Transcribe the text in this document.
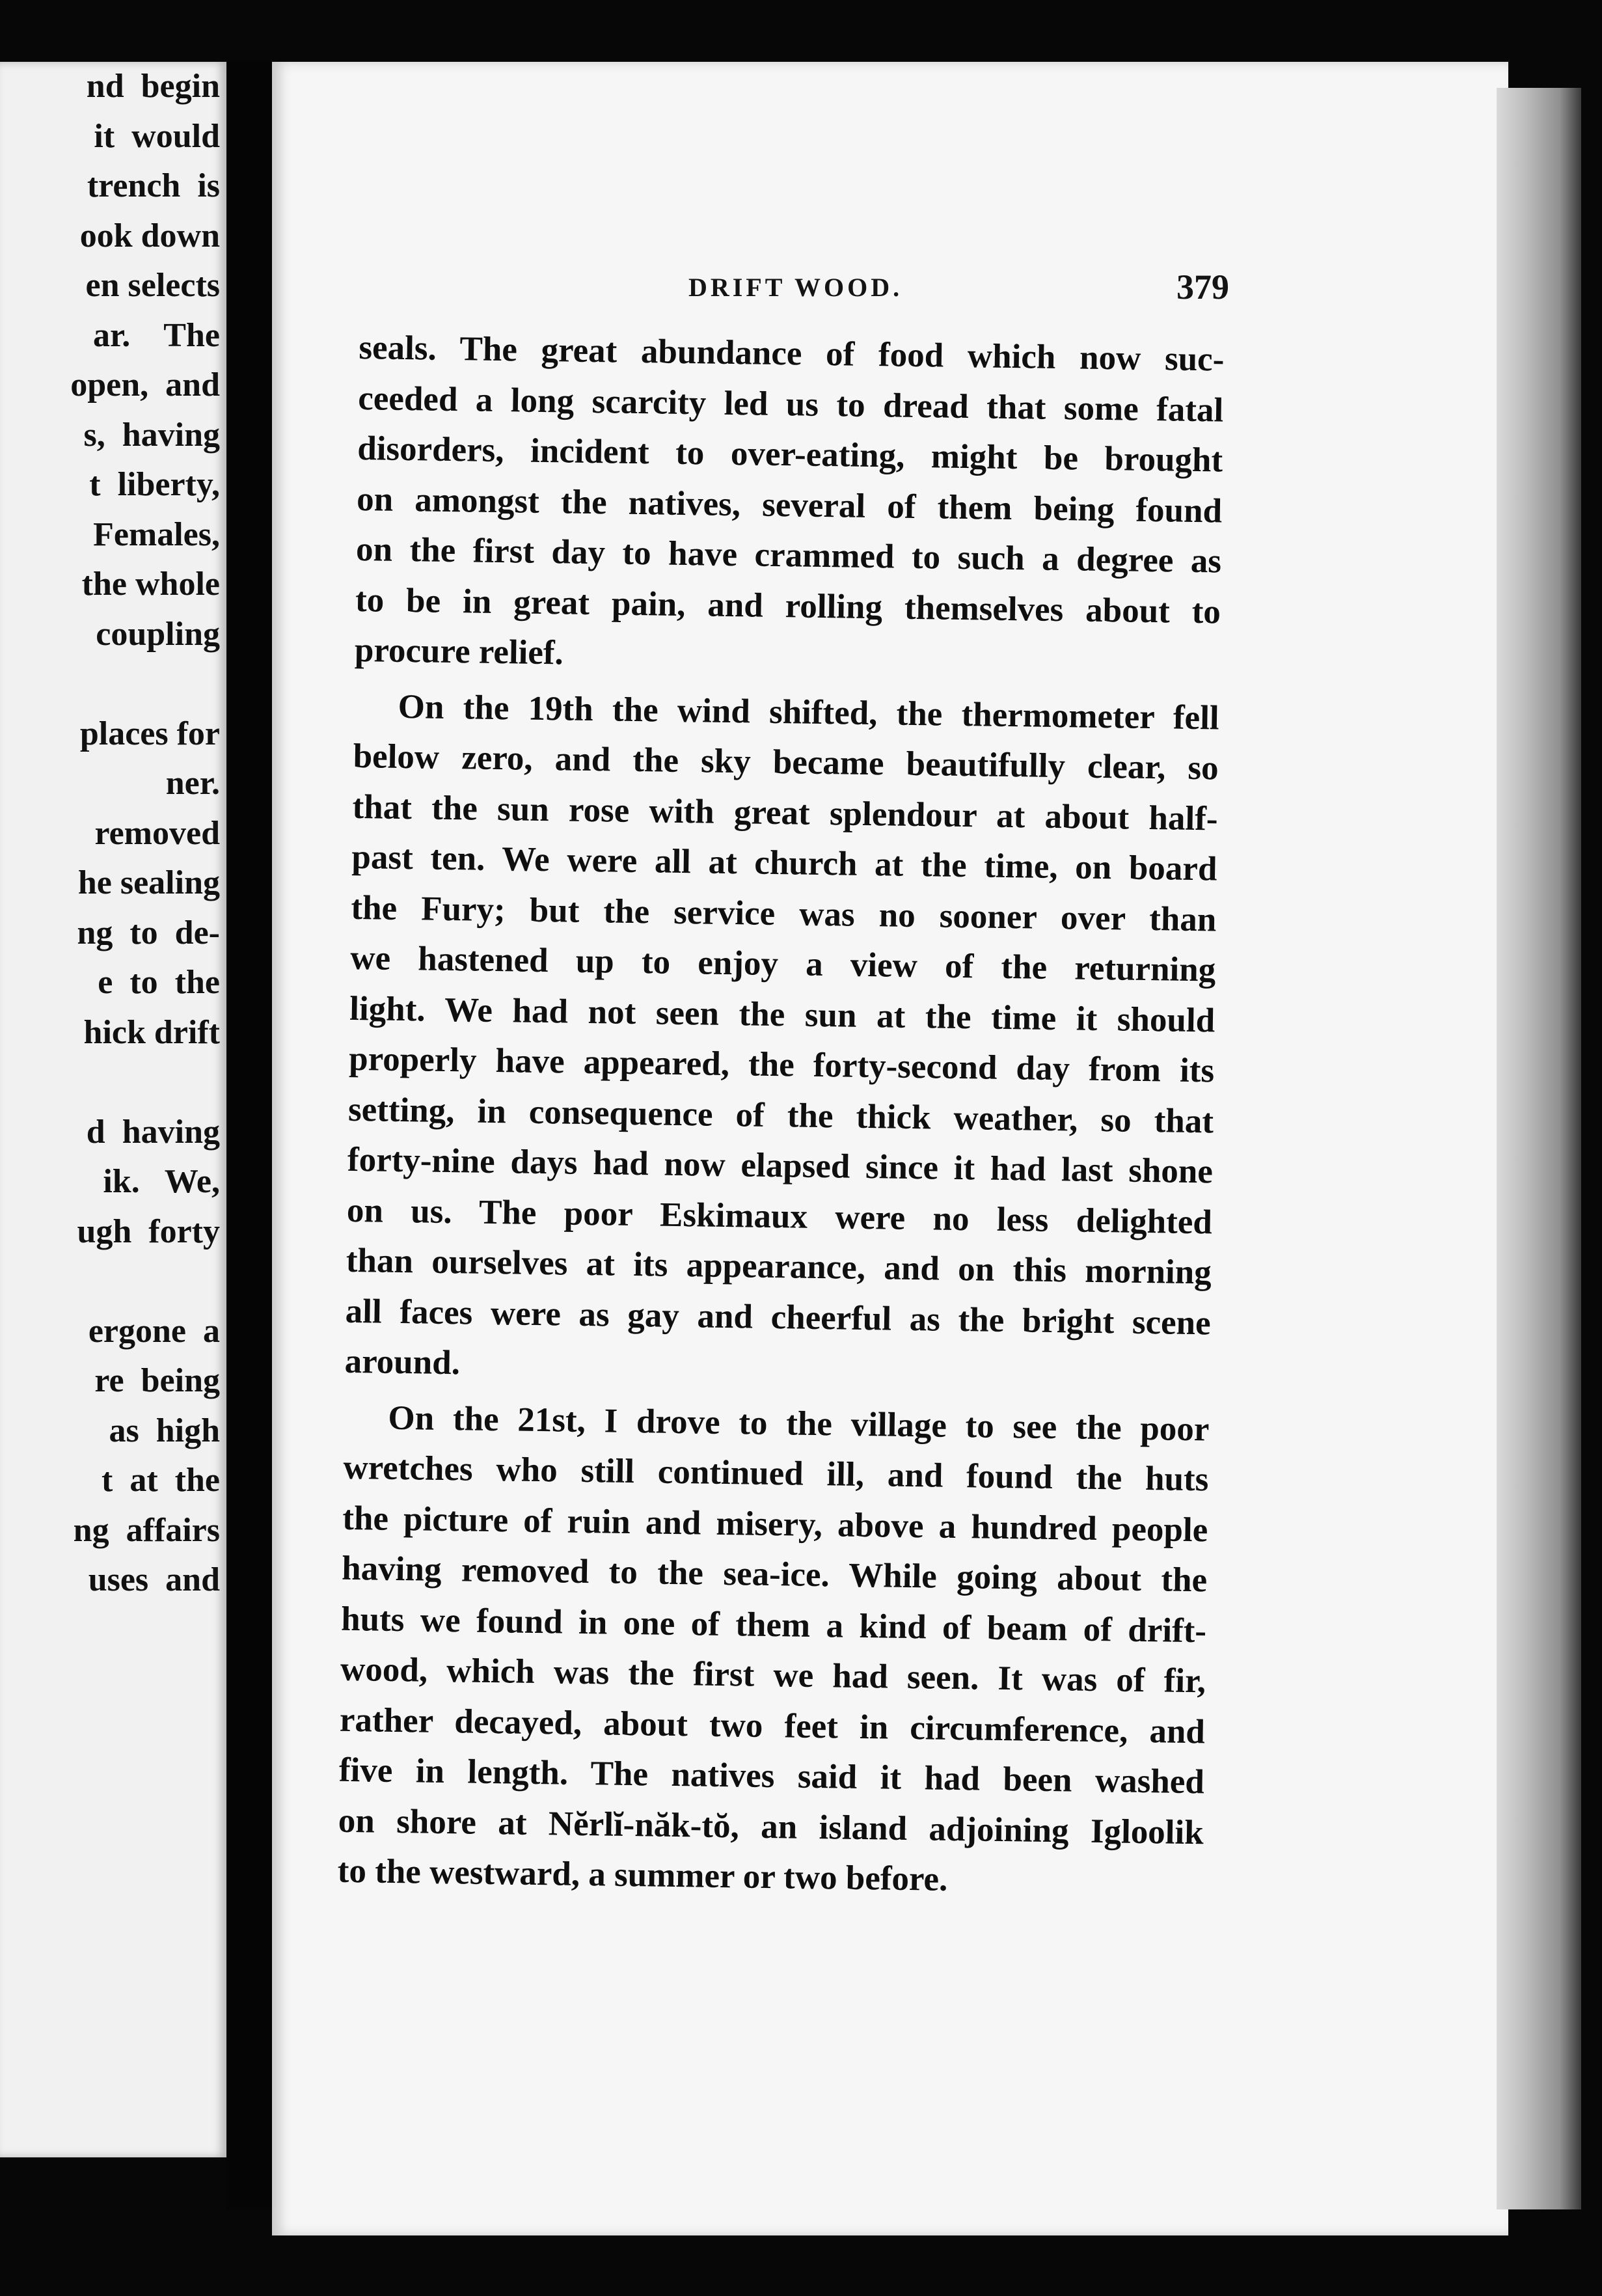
nd  begin
it  would
trench  is
ook down
en selects
ar.    The
open,  and
s,  having
t  liberty,
Females,
the whole
coupling
places for
ner.
removed
he sealing
ng  to  de-
e  to  the
hick drift
d  having
ik.   We,
ugh  forty
ergone  a
re  being
as  high
t  at  the
ng  affairs
uses  and
DRIFT WOOD.	379
seals. The great abundance of food which now suc-
ceeded a long scarcity led us to dread that some fatal
disorders, incident to over-eating, might be brought
on amongst the natives, several of them being found
on the first day to have crammed to such a degree as
to be in great pain, and rolling themselves about to
procure relief.
On the 19th the wind shifted, the thermometer fell
below zero, and the sky became beautifully clear, so
that the sun rose with great splendour at about half-
past ten. We were all at church at the time, on board
the Fury; but the service was no sooner over than
we hastened up to enjoy a view of the returning
light. We had not seen the sun at the time it should
properly have appeared, the forty-second day from its
setting, in consequence of the thick weather, so that
forty-nine days had now elapsed since it had last shone
on us. The poor Eskimaux were no less delighted
than ourselves at its appearance, and on this morning
all faces were as gay and cheerful as the bright scene
around.
On the 21st, I drove to the village to see the poor
wretches who still continued ill, and found the huts
the picture of ruin and misery, above a hundred people
having removed to the sea-ice. While going about the
huts we found in one of them a kind of beam of drift-
wood, which was the first we had seen. It was of fir,
rather decayed, about two feet in circumference, and
five in length. The natives said it had been washed
on shore at Nĕrlĭ-năk-tŏ, an island adjoining Igloolik
to the westward, a summer or two before.
